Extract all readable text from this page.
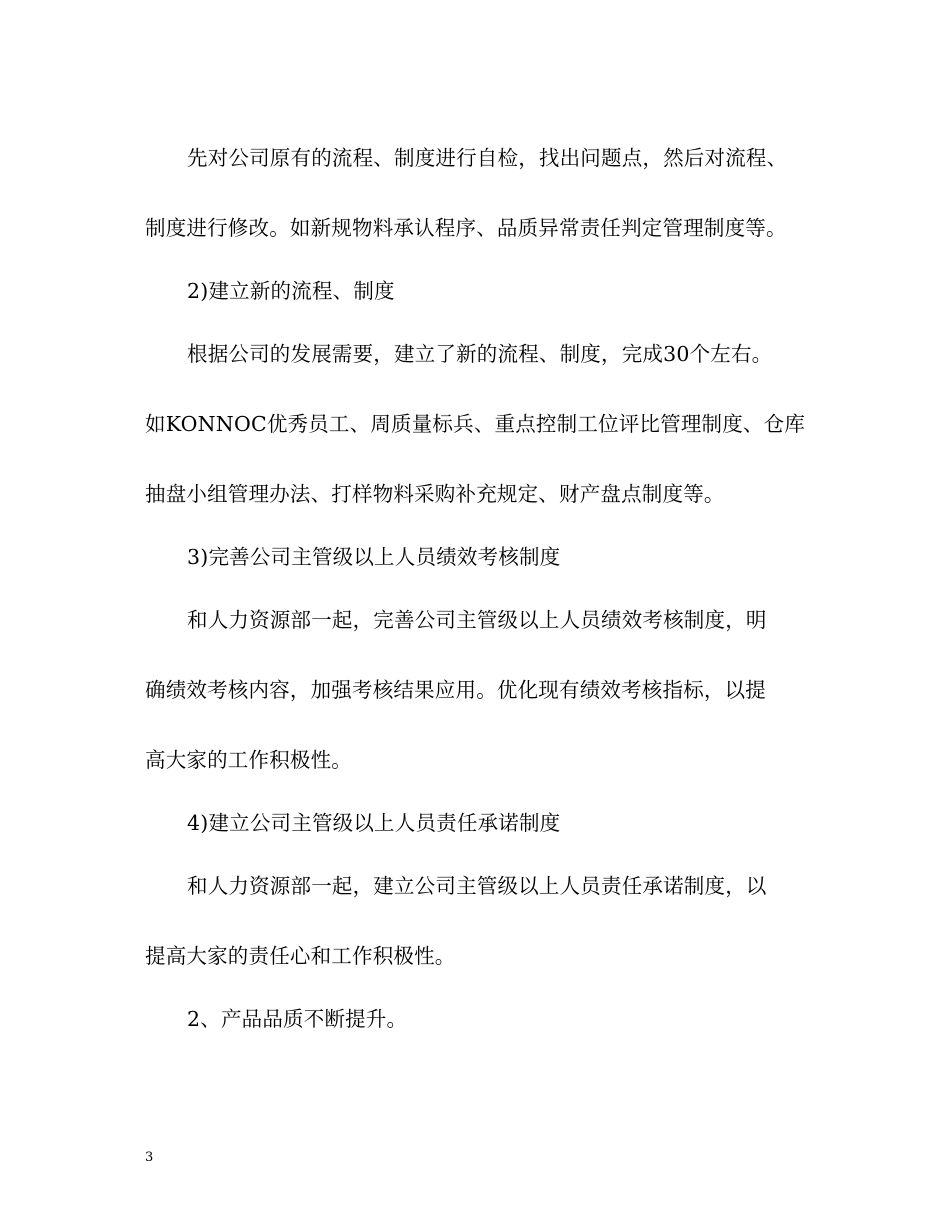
先对公司原有的流程、制度进行自检，找出问题点，然后对流程、
制度进行修改。如新规物料承认程序、品质异常责任判定管理制度等。
2)建立新的流程、制度
根据公司的发展需要，建立了新的流程、制度，完成30个左右。
如KONNOC优秀员工、周质量标兵、重点控制工位评比管理制度、仓库
抽盘小组管理办法、打样物料采购补充规定、财产盘点制度等。
3)完善公司主管级以上人员绩效考核制度
和人力资源部一起，完善公司主管级以上人员绩效考核制度，明
确绩效考核内容，加强考核结果应用。优化现有绩效考核指标，以提
高大家的工作积极性。
4)建立公司主管级以上人员责任承诺制度
和人力资源部一起，建立公司主管级以上人员责任承诺制度，以
提高大家的责任心和工作积极性。
2、产品品质不断提升。
3
